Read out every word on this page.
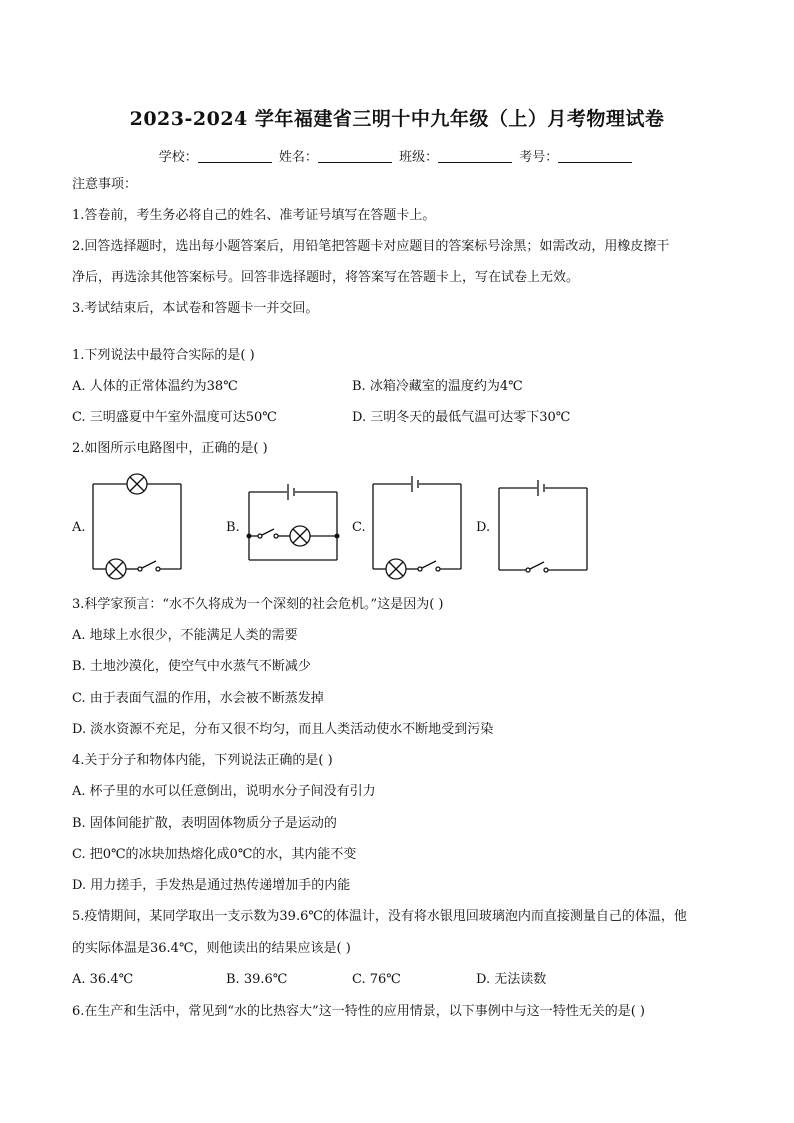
2023-2024 学年福建省三明十中九年级（上）月考物理试卷
学校：	姓名：	班级：	考号：
注意事项：
1.答卷前，考生务必将自己的姓名、准考证号填写在答题卡上。
2.回答选择题时，选出每小题答案后，用铅笔把答题卡对应题目的答案标号涂黑；如需改动，用橡皮擦干
净后，再选涂其他答案标号。回答非选择题时，将答案写在答题卡上，写在试卷上无效。
3.考试结束后，本试卷和答题卡一并交回。
1.下列说法中最符合实际的是( )
A. 人体的正常体温约为38℃	B. 冰箱冷藏室的温度约为4℃
C. 三明盛夏中午室外温度可达50℃	D. 三明冬天的最低气温可达零下30℃
2.如图所示电路图中，正确的是( )
A.	B.	C.	D.
3.科学家预言：“水不久将成为一个深刻的社会危机。”这是因为( )
A. 地球上水很少，不能满足人类的需要
B. 土地沙漠化，使空气中水蒸气不断减少
C. 由于表面气温的作用，水会被不断蒸发掉
D. 淡水资源不充足，分布又很不均匀，而且人类活动使水不断地受到污染
4.关于分子和物体内能，下列说法正确的是( )
A. 杯子里的水可以任意倒出，说明水分子间没有引力
B. 固体间能扩散，表明固体物质分子是运动的
C. 把0℃的冰块加热熔化成0℃的水，其内能不变
D. 用力搓手，手发热是通过热传递增加手的内能
5.疫情期间，某同学取出一支示数为39.6℃的体温计，没有将水银甩回玻璃泡内而直接测量自己的体温，他
的实际体温是36.4℃，则他读出的结果应该是( )
A. 36.4℃	B. 39.6℃	C. 76℃	D. 无法读数
6.在生产和生活中，常见到“水的比热容大”这一特性的应用情景，以下事例中与这一特性无关的是( )
